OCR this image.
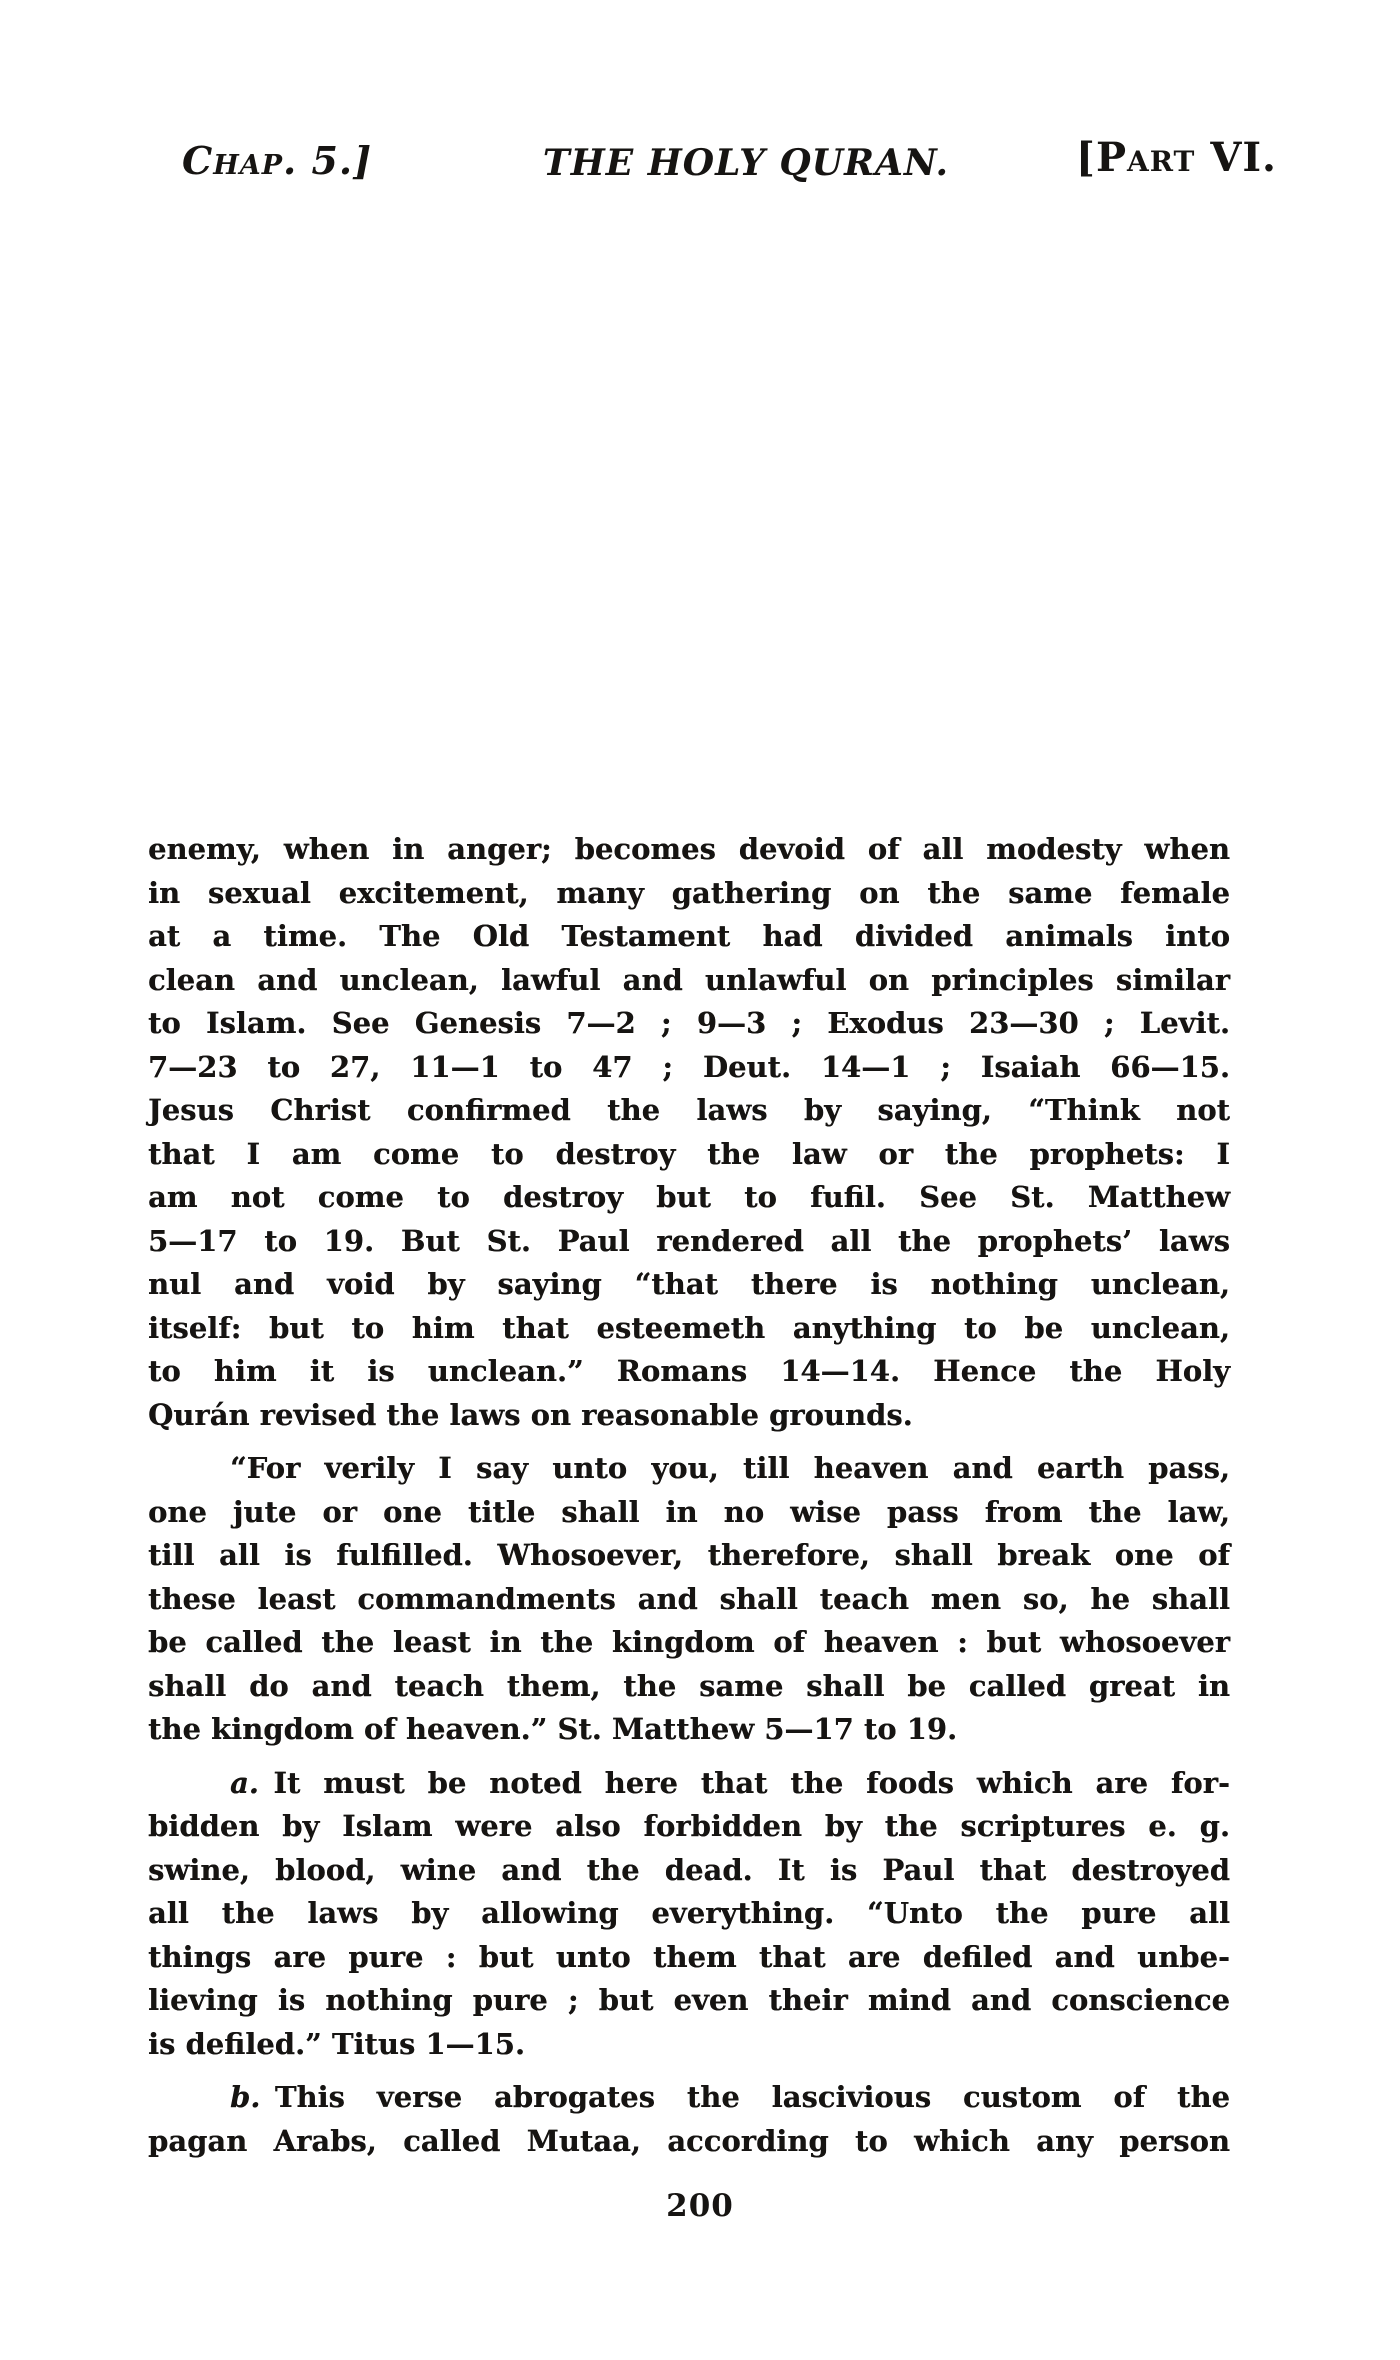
Chap. 5.]	THE HOLY QURAN.	[Part VI.
enemy, when in anger; becomes devoid of all modesty when
in sexual excitement, many gathering on the same female
at a time. The Old Testament had divided animals into
clean and unclean, lawful and unlawful on principles similar
to Islam. See Genesis 7—2 ; 9—3 ; Exodus 23—30 ; Levit.
7—23 to 27, 11—1 to 47 ; Deut. 14—1 ; Isaiah 66—15.
Jesus Christ confirmed the laws by saying, “Think not
that I am come to destroy the law or the prophets: I
am not come to destroy but to fufil. See St. Matthew
5—17 to 19. But St. Paul rendered all the prophets’ laws
nul and void by saying “that there is nothing unclean,
itself: but to him that esteemeth anything to be unclean,
to him it is unclean.” Romans 14—14. Hence the Holy
Qurán revised the laws on reasonable grounds.
“For verily I say unto you, till heaven and earth pass,
one jute or one title shall in no wise pass from the law,
till all is fulfilled. Whosoever, therefore, shall break one of
these least commandments and shall teach men so, he shall
be called the least in the kingdom of heaven : but whosoever
shall do and teach them, the same shall be called great in
the kingdom of heaven.” St. Matthew 5—17 to 19.
a. It must be noted here that the foods which are for-
bidden by Islam were also forbidden by the scriptures e. g.
swine, blood, wine and the dead. It is Paul that destroyed
all the laws by allowing everything. “Unto the pure all
things are pure : but unto them that are defiled and unbe-
lieving is nothing pure ; but even their mind and conscience
is defiled.” Titus 1—15.
b. This verse abrogates the lascivious custom of the
pagan Arabs, called Mutaa, according to which any person
200
